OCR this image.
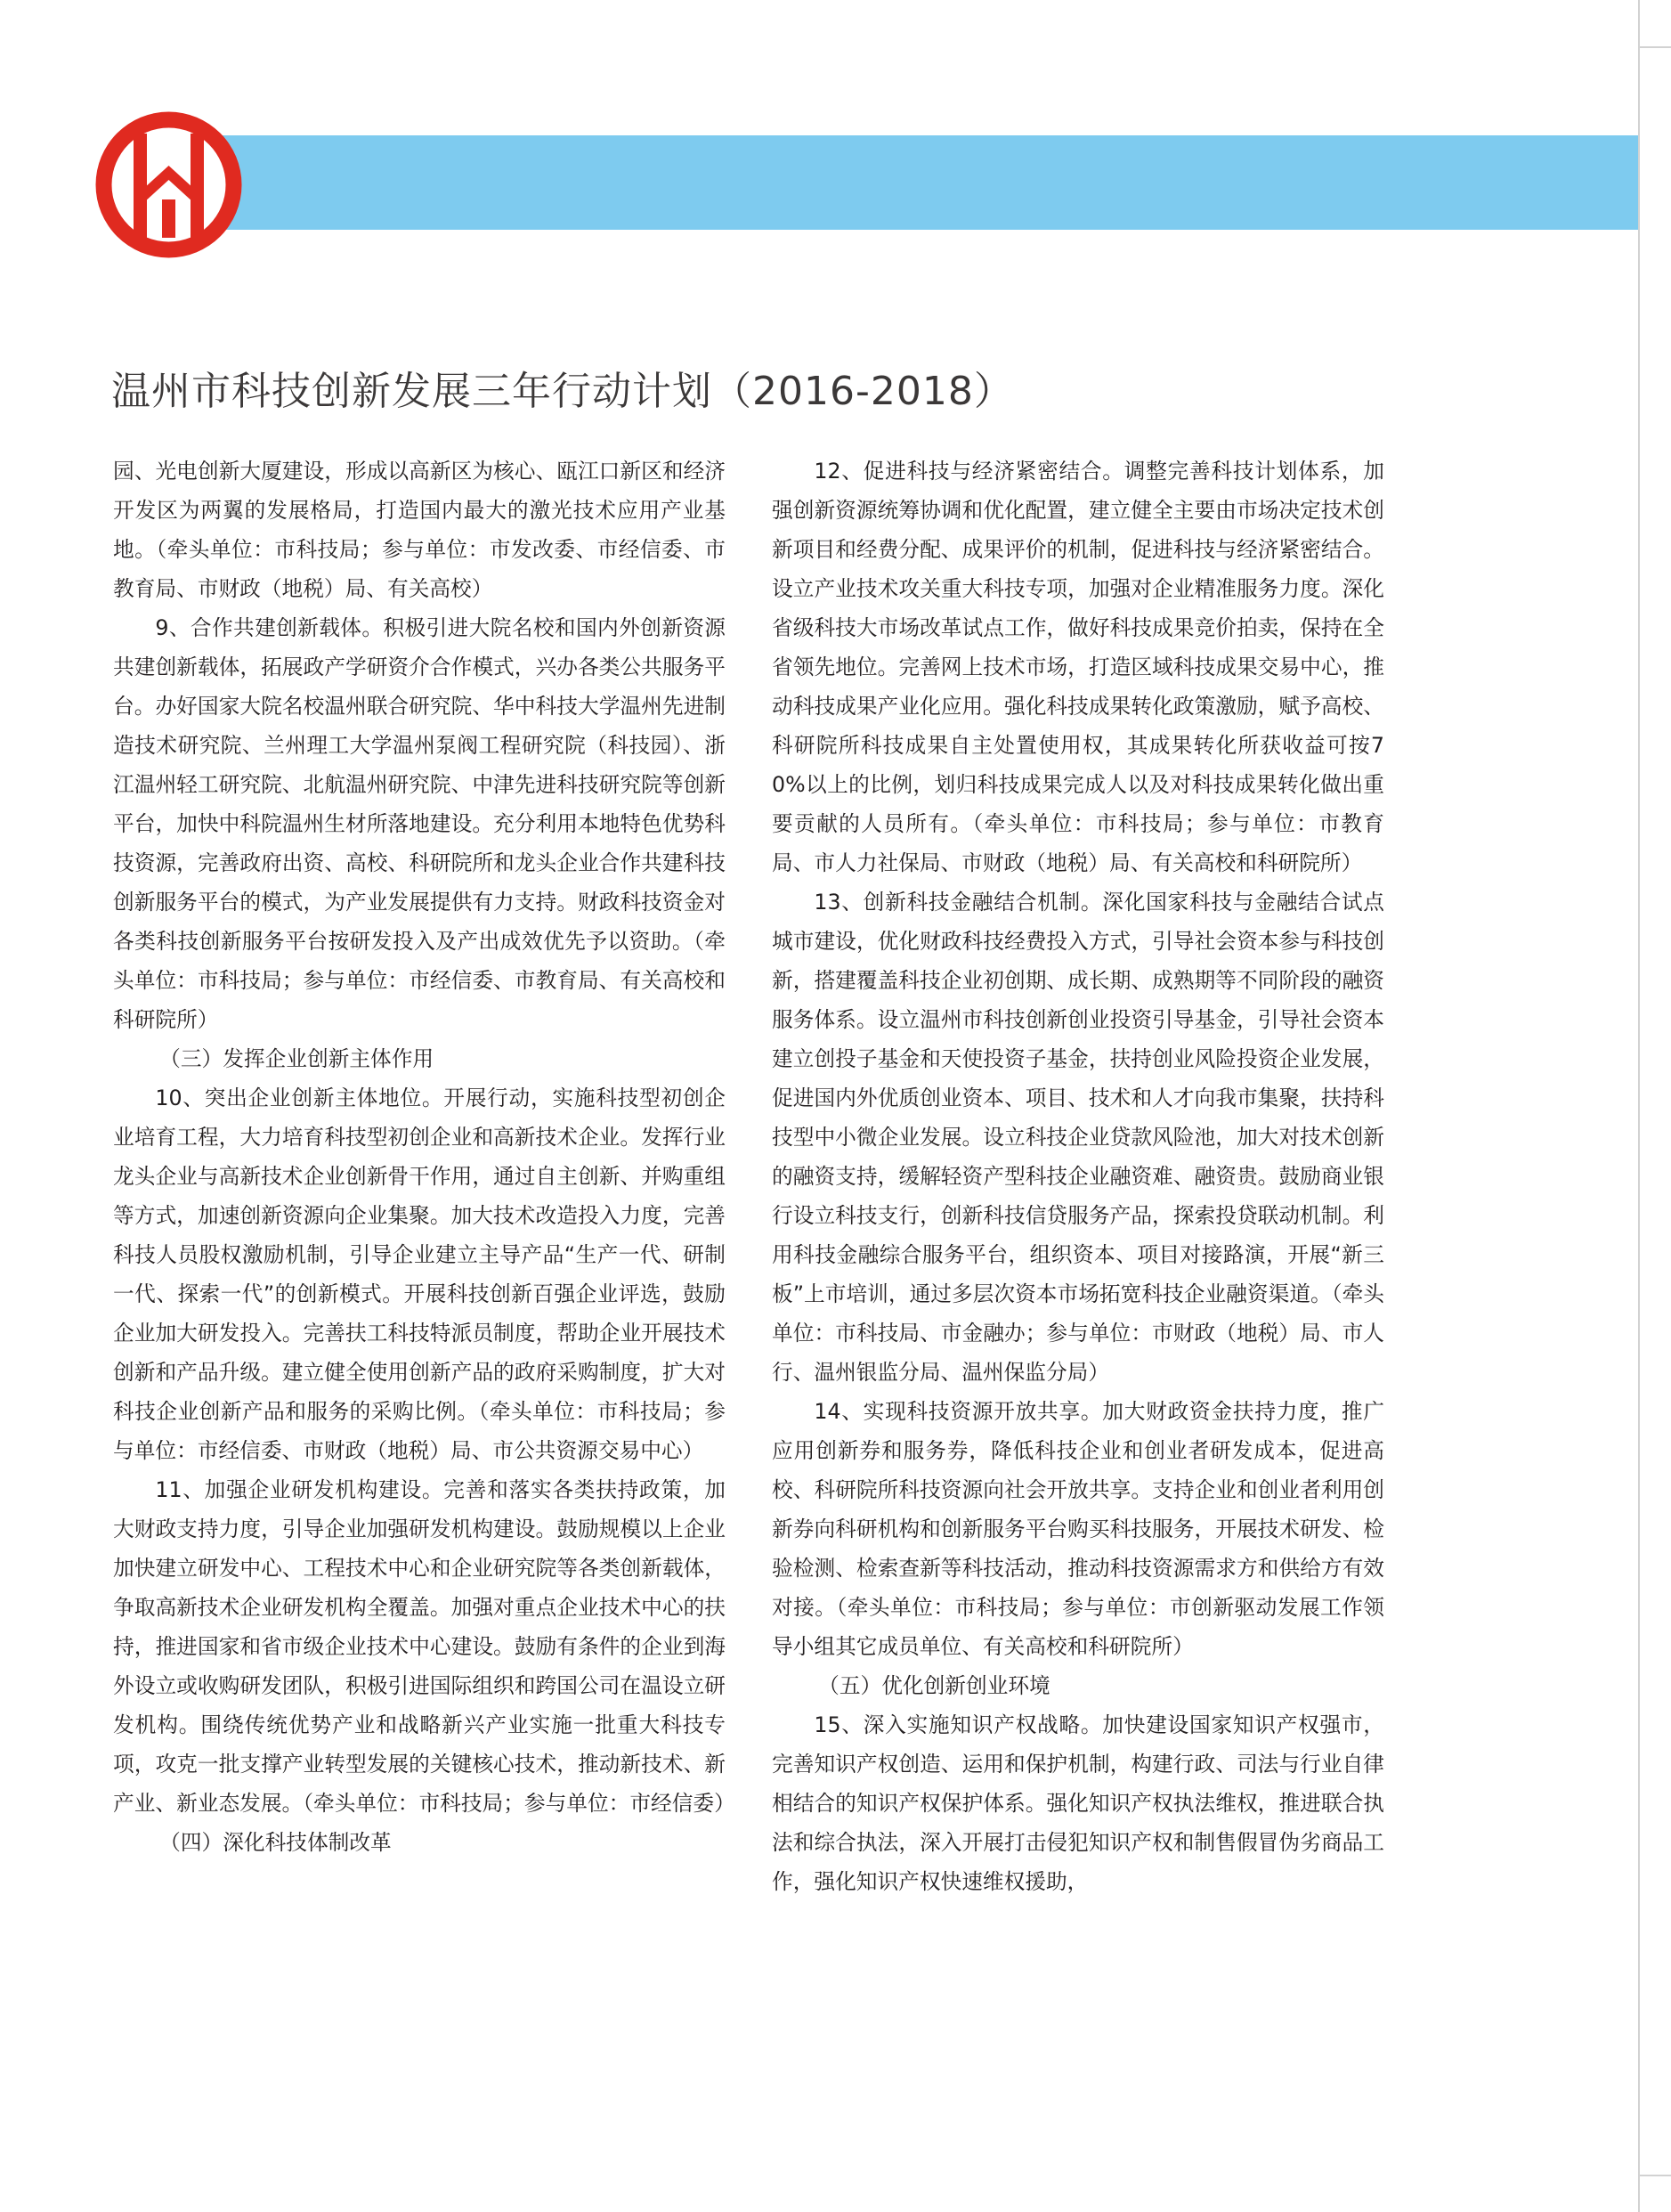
温州市科技创新发展三年行动计划（2016-2018）

园、光电创新大厦建设，形成以高新区为核心、瓯江口新区和经济开发区为两翼的发展格局，打造国内最大的激光技术应用产业基地。（牵头单位：市科技局；参与单位：市发改委、市经信委、市教育局、市财政（地税）局、有关高校）

9、合作共建创新载体。积极引进大院名校和国内外创新资源共建创新载体，拓展政产学研资介合作模式，兴办各类公共服务平台。办好国家大院名校温州联合研究院、华中科技大学温州先进制造技术研究院、兰州理工大学温州泵阀工程研究院（科技园）、浙江温州轻工研究院、北航温州研究院、中津先进科技研究院等创新平台，加快中科院温州生材所落地建设。充分利用本地特色优势科技资源，完善政府出资、高校、科研院所和龙头企业合作共建科技创新服务平台的模式，为产业发展提供有力支持。财政科技资金对各类科技创新服务平台按研发投入及产出成效优先予以资助。（牵头单位：市科技局；参与单位：市经信委、市教育局、有关高校和科研院所）

（三）发挥企业创新主体作用

10、突出企业创新主体地位。开展行动，实施科技型初创企业培育工程，大力培育科技型初创企业和高新技术企业。发挥行业龙头企业与高新技术企业创新骨干作用，通过自主创新、并购重组等方式，加速创新资源向企业集聚。加大技术改造投入力度，完善科技人员股权激励机制，引导企业建立主导产品“生产一代、研制一代、探索一代”的创新模式。开展科技创新百强企业评选，鼓励企业加大研发投入。完善扶工科技特派员制度，帮助企业开展技术创新和产品升级。建立健全使用创新产品的政府采购制度，扩大对科技企业创新产品和服务的采购比例。（牵头单位：市科技局；参与单位：市经信委、市财政（地税）局、市公共资源交易中心）

11、加强企业研发机构建设。完善和落实各类扶持政策，加大财政支持力度，引导企业加强研发机构建设。鼓励规模以上企业加快建立研发中心、工程技术中心和企业研究院等各类创新载体，争取高新技术企业研发机构全覆盖。加强对重点企业技术中心的扶持，推进国家和省市级企业技术中心建设。鼓励有条件的企业到海外设立或收购研发团队，积极引进国际组织和跨国公司在温设立研发机构。围绕传统优势产业和战略新兴产业实施一批重大科技专项，攻克一批支撑产业转型发展的关键核心技术，推动新技术、新产业、新业态发展。（牵头单位：市科技局；参与单位：市经信委）

（四）深化科技体制改革

12、促进科技与经济紧密结合。调整完善科技计划体系，加强创新资源统筹协调和优化配置，建立健全主要由市场决定技术创新项目和经费分配、成果评价的机制，促进科技与经济紧密结合。设立产业技术攻关重大科技专项，加强对企业精准服务力度。深化省级科技大市场改革试点工作，做好科技成果竞价拍卖，保持在全省领先地位。完善网上技术市场，打造区域科技成果交易中心，推动科技成果产业化应用。强化科技成果转化政策激励，赋予高校、科研院所科技成果自主处置使用权，其成果转化所获收益可按70%以上的比例，划归科技成果完成人以及对科技成果转化做出重要贡献的人员所有。（牵头单位：市科技局；参与单位：市教育局、市人力社保局、市财政（地税）局、有关高校和科研院所）

13、创新科技金融结合机制。深化国家科技与金融结合试点城市建设，优化财政科技经费投入方式，引导社会资本参与科技创新，搭建覆盖科技企业初创期、成长期、成熟期等不同阶段的融资服务体系。设立温州市科技创新创业投资引导基金，引导社会资本建立创投子基金和天使投资子基金，扶持创业风险投资企业发展，促进国内外优质创业资本、项目、技术和人才向我市集聚，扶持科技型中小微企业发展。设立科技企业贷款风险池，加大对技术创新的融资支持，缓解轻资产型科技企业融资难、融资贵。鼓励商业银行设立科技支行，创新科技信贷服务产品，探索投贷联动机制。利用科技金融综合服务平台，组织资本、项目对接路演，开展“新三板”上市培训，通过多层次资本市场拓宽科技企业融资渠道。（牵头单位：市科技局、市金融办；参与单位：市财政（地税）局、市人行、温州银监分局、温州保监分局）

14、实现科技资源开放共享。加大财政资金扶持力度，推广应用创新券和服务券，降低科技企业和创业者研发成本，促进高校、科研院所科技资源向社会开放共享。支持企业和创业者利用创新券向科研机构和创新服务平台购买科技服务，开展技术研发、检验检测、检索查新等科技活动，推动科技资源需求方和供给方有效对接。（牵头单位：市科技局；参与单位：市创新驱动发展工作领导小组其它成员单位、有关高校和科研院所）

（五）优化创新创业环境

15、深入实施知识产权战略。加快建设国家知识产权强市，完善知识产权创造、运用和保护机制，构建行政、司法与行业自律相结合的知识产权保护体系。强化知识产权执法维权，推进联合执法和综合执法，深入开展打击侵犯知识产权和制售假冒伪劣商品工作，强化知识产权快速维权援助，
